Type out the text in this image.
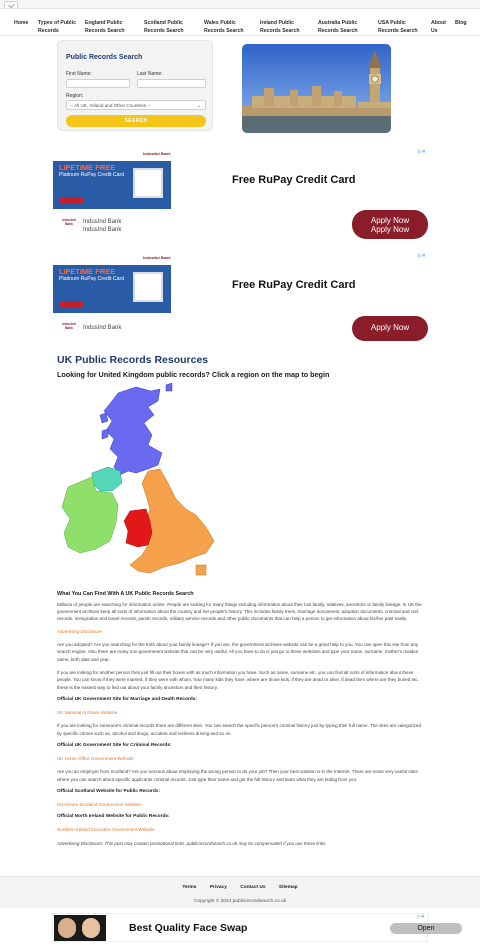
Home Types of Public Records
England Public Records Search
Scotland Public Records Search
Wales Public Records Search
Ireland Public Records Search
Australia Public Records Search
USA Public Records Search
About Us
Blog
Public Records Search
First Name:	Last Name:
Region:
-- All UK, Ireland and Other Countries --	⌄
SEARCH
IndusInd Bank
LIFETIME FREE
Platinum RuPay Credit Card	Free RuPay Credit Card
▷✕
IndusInd
Bank	IndusInd Bank
IndusInd Bank
Apply Now
Apply Now
IndusInd Bank
LIFETIME FREE
Platinum RuPay Credit Card	Free RuPay Credit Card
▷✕
IndusInd
Bank	IndusInd Bank	Apply Now
UK Public Records Resources
Looking for United Kingdom public records? Click a region on the map to begin
What You Can Find With A UK Public Records Search

Millions of people are searching for information online. People are looking for many things including information about their lost family, relatives, ancestors or family lineage. In UK the government archives keep all sorts of information about the country and her people's history. This includes family trees, marriage documents, adoption documents, criminal and civil records, immigration and travel records, parish records, military service records and other public documents that can help a person to get information about his/her past easily.

Advertising Disclosure

Are you adopted? Are you searching for the truth about your family lineage? If you are, the government archives website can be a great help to you. You can open this site from any search engine. Also there are many non-government website that can be very useful. All you have to do is just go to these websites and type your name, surname, mother's maiden name, birth date and year.

If you are looking for another person then just fill out their boxes with as much information you have. Such as name, surname etc. you can find all sorts of information about these people. You can know if they were married, if they were with whom, how many kids they have, where are those kids, if they are dead or alive, if dead then where are they buried etc. these is the easiest way to find out about your family ancestors and their history.

Official UK Government Site for Marriage and Death Records:
UK National Archives Website

If you are looking for someone's criminal records there are different sites. You can search the specific person's criminal history just by typing their full name. The sites are categorized by specific crimes such as, alcohol and drugs, accident and reckless driving and so on.

Official UK Government Site for Criminal Records:
UK Home Office Government Website

Are you an employer from Scotland? Are you nervous about employing the wrong person to do your job? Then your best solution is in the Internet. There are some very useful sites where you can search about specific applicants criminal records. Just type their name and get the full history and learn what they are hiding from you.

Official Scotland Website for Public Records:
Disclosure Scotland Government Website
Official North Ireland Website for Public Records:
Northern Ireland Executive Government Website

Advertising Disclosure: This post may contain promotional links. publicrecordsearch.co.uk may be compensated if you use these links.

Terms	Privacy	Contact Us	Sitemap
Copyright © 2024 publicrecordsearch.co.uk
Best Quality Face Swap	Open
▷✕
